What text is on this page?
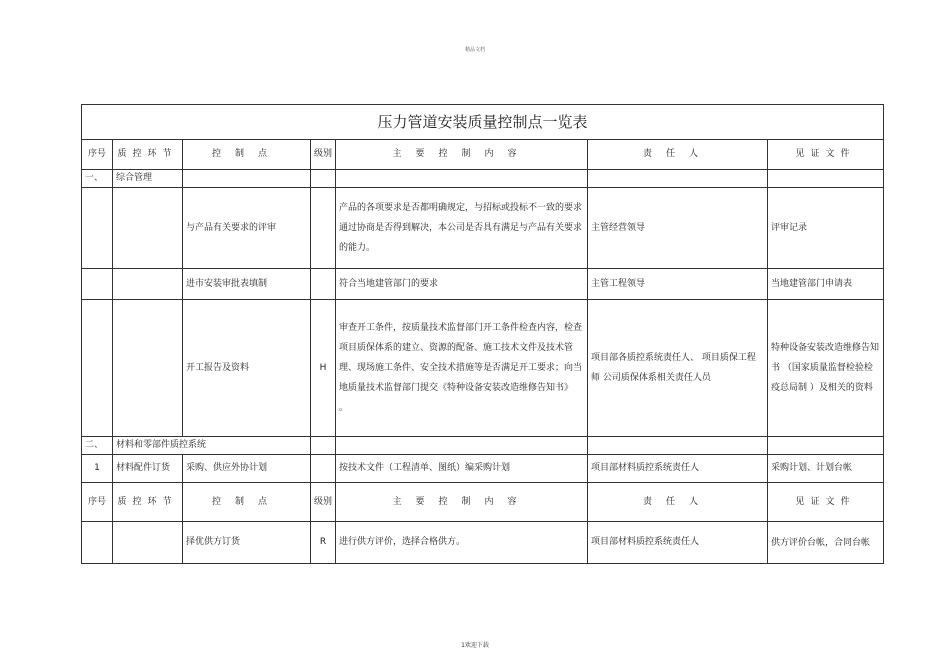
精品文档
压力管道安装质量控制点一览表						
序号	质控环节	控制点	级别	主要控制内容	责任人	见证文件
一、	综合管理					
		与产品有关要求的评审		产品的各项要求是否都明确规定，与招标或投标不一致的要求通过协商是否得到解决，本公司是否具有满足与产品有关要求的能力。	主管经营领导	评审记录
		进市安装审批表填制		符合当地建管部门的要求	主管工程领导	当地建管部门申请表
		开工报告及资料	H	审查开工条件，按质量技术监督部门开工条件检查内容，检查项目质保体系的建立、资源的配备、施工技术文件及技术管理、现场施工条件、安全技术措施等是否满足开工要求；向当地质量技术监督部门提交《特种设备安装改造维修告知书》 。	项目部各质控系统责任人、 项目质保工程师 公司质保体系相关责任人员	特种设备安装改造维修告知书 （国家质量监督检验检疫总局制 ）及相关的资料
二、	材料和零部件质控系统					
1	材料配件订货	采购、供应外协计划		按技术文件（工程清单、图纸）编采购计划	项目部材料质控系统责任人	采购计划、计划台帐
序号	质控环节	控制点	级别	主要控制内容	责任人	见证文件
		择优供方订货	R	进行供方评价，选择合格供方。	项目部材料质控系统责任人	供方评价台帐，合同台帐
1欢迎下载
